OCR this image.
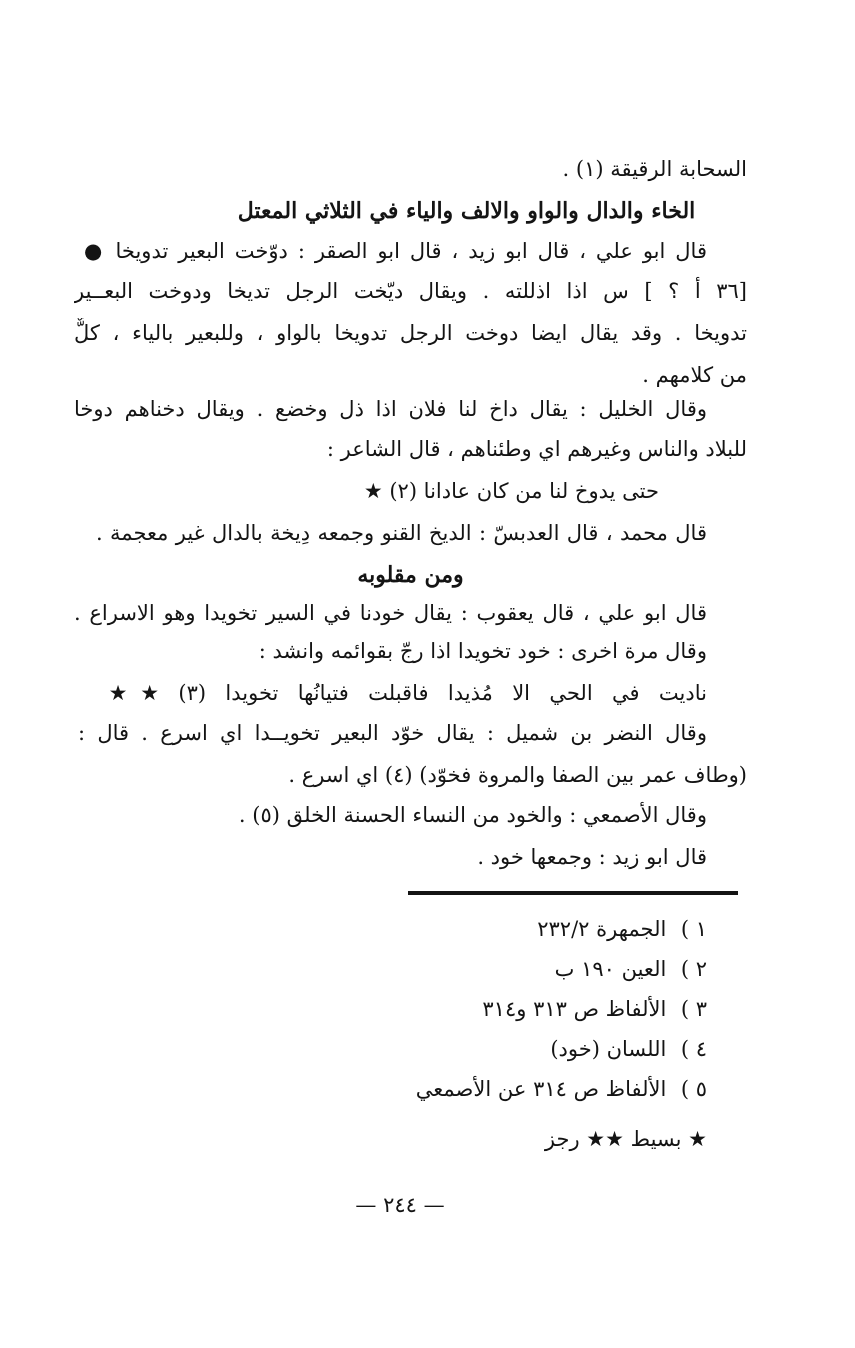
السحابة الرقيقة (١) .
الخاء والدال والواو والالف والياء في الثلاثي المعتل
قال ابو علي ، قال ابو زيد ، قال ابو الصقر : دوّخت البعير تدويخا ●
[٣٦ أ ؟ ] س اذا اذللته . ويقال ديّخت الرجل تديخا ودوخت البعــير
تدويخا . وقد يقال ايضا دوخت الرجل تدويخا بالواو ، وللبعير بالياء ، كلٌّ
من كلامهم .
وقال الخليل : يقال داخ لنا فلان اذا ذل وخضع . ويقال دخناهم دوخا
للبلاد والناس وغيرهم اي وطئناهم ، قال الشاعر :
حتى يدوخ لنا من كان عادانا (٢) ★
قال محمد ، قال العدبسّ : الديخ القنو وجمعه دِيخة بالدال غير معجمة .
ومن مقلوبه
قال ابو علي ، قال يعقوب : يقال خودنا في السير تخويدا وهو الاسراع .
وقال مرة اخرى : خود تخويدا اذا رجّ بقوائمه وانشد :
ناديت في الحي الا مُذيدا فاقبلت فتيانُها تخويدا (٣) ★★
وقال النضر بن شميل : يقال خوّد البعير تخويــدا اي اسرع . قال :
(وطاف عمر بين الصفا والمروة فخوّد) (٤) اي اسرع .
وقال الأصمعي : والخود من النساء الحسنة الخلق (٥) .
قال ابو زيد : وجمعها خود .
١ ) الجمهرة ٢٣٢/٢
٢ ) العين ١٩٠ ب
٣ ) الألفاظ ص ٣١٣ و٣١٤
٤ ) اللسان (خود)
٥ ) الألفاظ ص ٣١٤ عن الأصمعي
★ بسيط ★★ رجز
— ٢٤٤ —
